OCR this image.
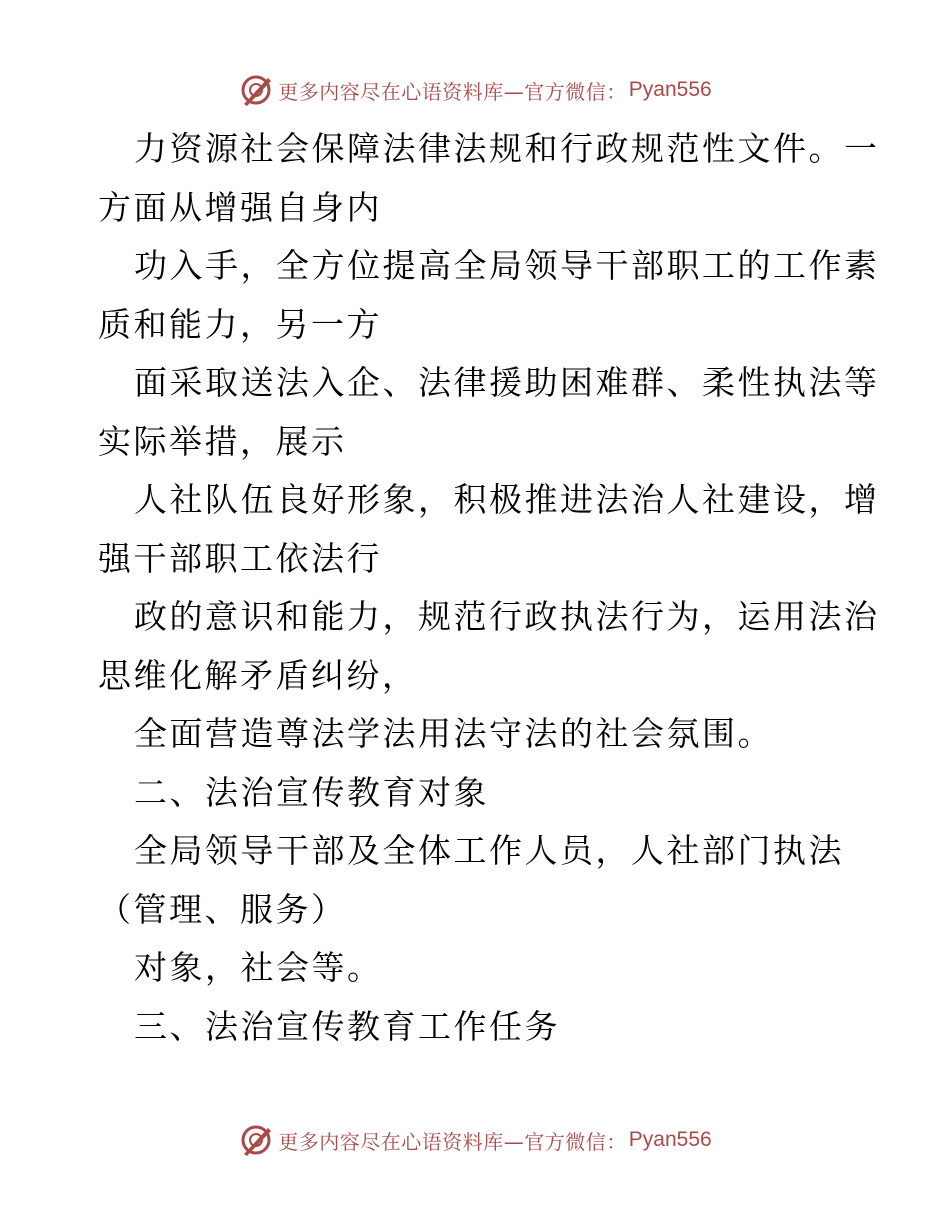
更多内容尽在心语资料库—官方微信： Pyan556
力资源社会保障法律法规和行政规范性文件。一
方面从增强自身内
功入手，全方位提高全局领导干部职工的工作素
质和能力，另一方
面采取送法入企、法律援助困难群、柔性执法等
实际举措，展示
人社队伍良好形象，积极推进法治人社建设，增
强干部职工依法行
政的意识和能力，规范行政执法行为，运用法治
思维化解矛盾纠纷，
全面营造尊法学法用法守法的社会氛围。
二、法治宣传教育对象
全局领导干部及全体工作人员，人社部门执法
（管理、服务）
对象，社会等。
三、法治宣传教育工作任务
更多内容尽在心语资料库—官方微信： Pyan556
